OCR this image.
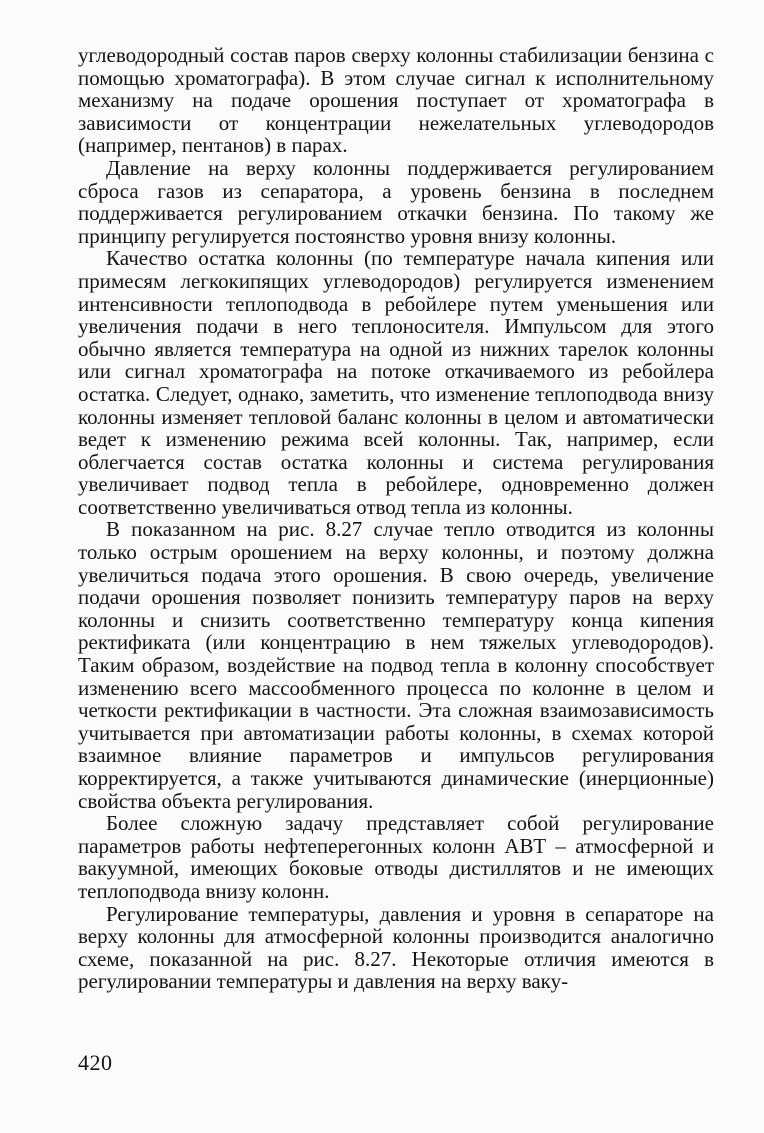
углеводородный состав паров сверху колонны стабилизации бензина с помощью хроматографа). В этом случае сигнал к исполнительному механизму на подаче орошения поступает от хроматографа в зависимости от концентрации нежелательных углеводородов (например, пентанов) в парах.

Давление на верху колонны поддерживается регулированием сброса газов из сепаратора, а уровень бензина в последнем поддерживается регулированием откачки бензина. По такому же принципу регулируется постоянство уровня внизу колонны.

Качество остатка колонны (по температуре начала кипения или примесям легкокипящих углеводородов) регулируется изменением интенсивности теплоподвода в ребойлере путем уменьшения или увеличения подачи в него теплоносителя. Импульсом для этого обычно является температура на одной из нижних тарелок колонны или сигнал хроматографа на потоке откачиваемого из ребойлера остатка. Следует, однако, заметить, что изменение теплоподвода внизу колонны изменяет тепловой баланс колонны в целом и автоматически ведет к изменению режима всей колонны. Так, например, если облегчается состав остатка колонны и система регулирования увеличивает подвод тепла в ребойлере, одновременно должен соответственно увеличиваться отвод тепла из колонны.

В показанном на рис. 8.27 случае тепло отводится из колонны только острым орошением на верху колонны, и поэтому должна увеличиться подача этого орошения. В свою очередь, увеличение подачи орошения позволяет понизить температуру паров на верху колонны и снизить соответственно температуру конца кипения ректификата (или концентрацию в нем тяжелых углеводородов). Таким образом, воздействие на подвод тепла в колонну способствует изменению всего массообменного процесса по колонне в целом и четкости ректификации в частности. Эта сложная взаимозависимость учитывается при автоматизации работы колонны, в схемах которой взаимное влияние параметров и импульсов регулирования корректируется, а также учитываются динамические (инерционные) свойства объекта регулирования.

Более сложную задачу представляет собой регулирование параметров работы нефтеперегонных колонн АВТ – атмосферной и вакуумной, имеющих боковые отводы дистиллятов и не имеющих теплоподвода внизу колонн.

Регулирование температуры, давления и уровня в сепараторе на верху колонны для атмосферной колонны производится аналогично схеме, показанной на рис. 8.27. Некоторые отличия имеются в регулировании температуры и давления на верху ваку-

420
